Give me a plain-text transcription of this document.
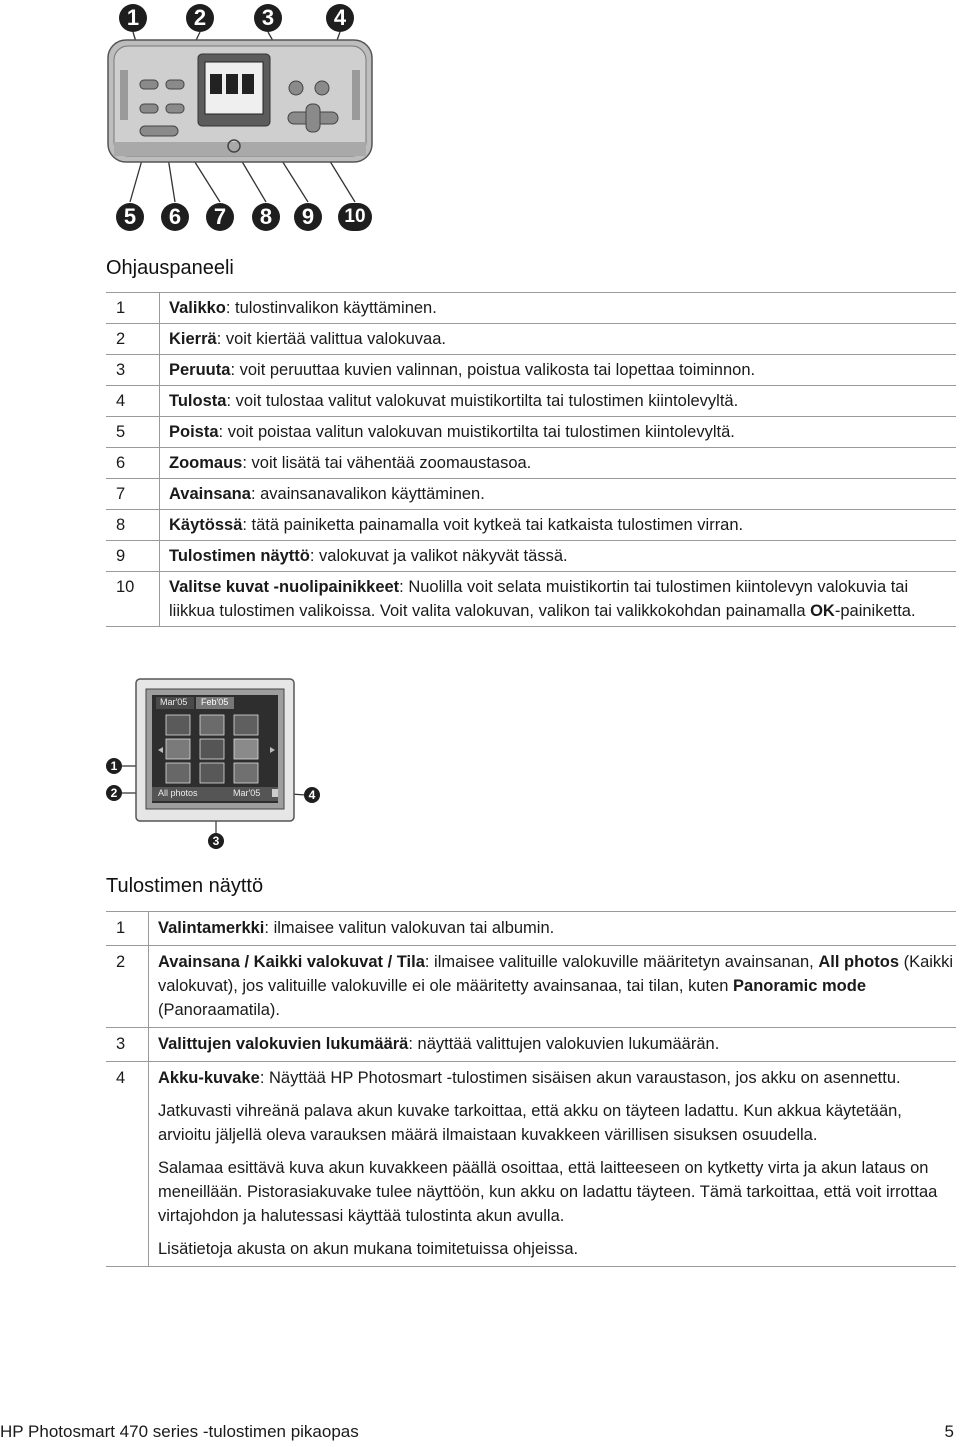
1	2	3	4
5	6	7	8	9	10
Ohjauspaneeli
1	Valikko: tulostinvalikon käyttäminen.
2	Kierrä: voit kiertää valittua valokuvaa.
3	Peruuta: voit peruuttaa kuvien valinnan, poistua valikosta tai lopettaa toiminnon.
4	Tulosta: voit tulostaa valitut valokuvat muistikortilta tai tulostimen kiintolevyltä.
5	Poista: voit poistaa valitun valokuvan muistikortilta tai tulostimen kiintolevyltä.
6	Zoomaus: voit lisätä tai vähentää zoomaustasoa.
7	Avainsana: avainsanavalikon käyttäminen.
8	Käytössä: tätä painiketta painamalla voit kytkeä tai katkaista tulostimen virran.
9	Tulostimen näyttö: valokuvat ja valikot näkyvät tässä.
10	Valitse kuvat -nuolipainikkeet: Nuolilla voit selata muistikortin tai tulostimen kiintolevyn valokuvia tai liikkua tulostimen valikoissa. Voit valita valokuvan, valikon tai valikkokohdan painamalla OK-painiketta.
Mar'05 Feb'05
All photos	Mar'05
1
2
3
4
Tulostimen näyttö
1	Valintamerkki: ilmaisee valitun valokuvan tai albumin.

2	Avainsana / Kaikki valokuvat / Tila: ilmaisee valituille valokuville määritetyn avainsanan, All photos (Kaikki valokuvat), jos valituille valokuville ei ole määritetty avainsanaa, tai tilan, kuten Panoramic mode (Panoraamatila).

3	Valittujen valokuvien lukumäärä: näyttää valittujen valokuvien lukumäärän.

4	Akku-kuvake: Näyttää HP Photosmart -tulostimen sisäisen akun varaustason, jos akku on asennettu.

Jatkuvasti vihreänä palava akun kuvake tarkoittaa, että akku on täyteen ladattu. Kun akkua käytetään, arvioitu jäljellä oleva varauksen määrä ilmaistaan kuvakkeen värillisen sisuksen osuudella.

Salamaa esittävä kuva akun kuvakkeen päällä osoittaa, että laitteeseen on kytketty virta ja akun lataus on meneillään. Pistorasiakuvake tulee näyttöön, kun akku on ladattu täyteen. Tämä tarkoittaa, että voit irrottaa virtajohdon ja halutessasi käyttää tulostinta akun avulla.

Lisätietoja akusta on akun mukana toimitetuissa ohjeissa.

HP Photosmart 470 series -tulostimen pikaopas	5
